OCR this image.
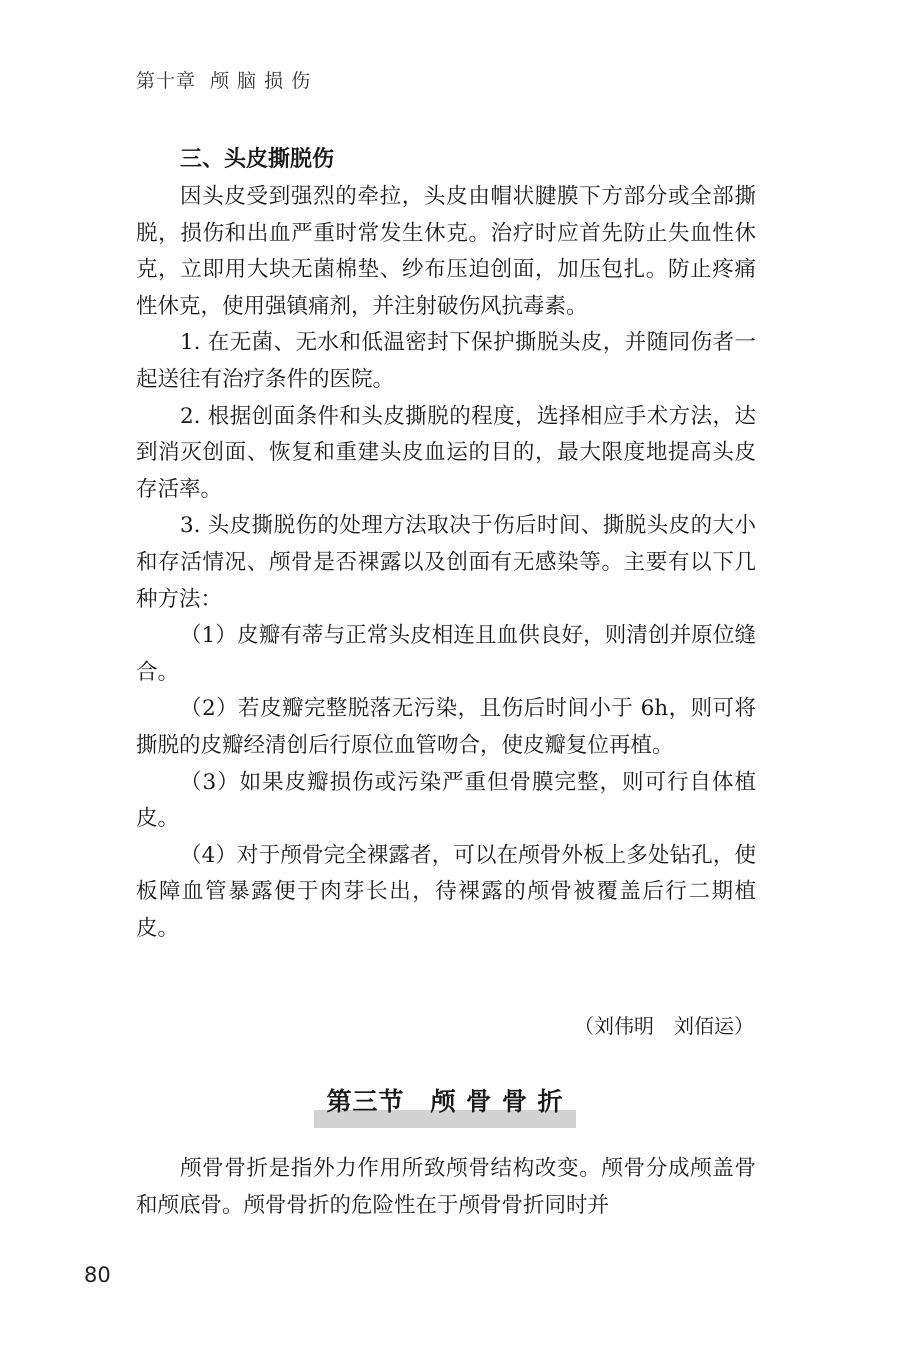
第十章 颅 脑 损 伤
三、头皮撕脱伤

因头皮受到强烈的牵拉，头皮由帽状腱膜下方部分或全部撕脱，损伤和出血严重时常发生休克。治疗时应首先防止失血性休克，立即用大块无菌棉垫、纱布压迫创面，加压包扎。防止疼痛性休克，使用强镇痛剂，并注射破伤风抗毒素。

1. 在无菌、无水和低温密封下保护撕脱头皮，并随同伤者一起送往有治疗条件的医院。

2. 根据创面条件和头皮撕脱的程度，选择相应手术方法，达到消灭创面、恢复和重建头皮血运的目的，最大限度地提高头皮存活率。

3. 头皮撕脱伤的处理方法取决于伤后时间、撕脱头皮的大小和存活情况、颅骨是否裸露以及创面有无感染等。主要有以下几种方法：

（1）皮瓣有蒂与正常头皮相连且血供良好，则清创并原位缝合。

（2）若皮瓣完整脱落无污染，且伤后时间小于 6h，则可将撕脱的皮瓣经清创后行原位血管吻合，使皮瓣复位再植。

（3）如果皮瓣损伤或污染严重但骨膜完整，则可行自体植皮。

（4）对于颅骨完全裸露者，可以在颅骨外板上多处钻孔，使板障血管暴露便于肉芽长出，待裸露的颅骨被覆盖后行二期植皮。

（刘伟明　刘佰运）
第三节　颅 骨 骨 折

颅骨骨折是指外力作用所致颅骨结构改变。颅骨分成颅盖骨和颅底骨。颅骨骨折的危险性在于颅骨骨折同时并

80
